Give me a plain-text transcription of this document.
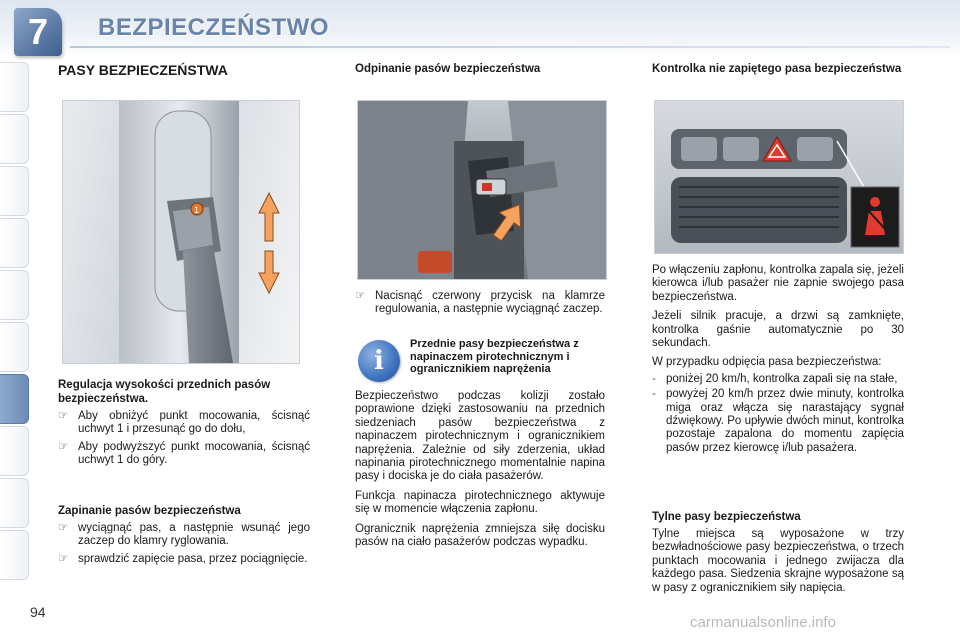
7	BEZPIECZEŃSTWO
PASY BEZPIECZEŃSTWA
1

Regulacja wysokości przednich pasów bezpieczeństwa.

☞ Aby obniżyć punkt mocowania, ścisnąć uchwyt 1 i przesunąć go do dołu,
☞ Aby podwyższyć punkt mocowania, ścisnąć uchwyt 1 do góry.

Zapinanie pasów bezpieczeństwa

☞ wyciągnąć pas, a następnie wsunąć jego zaczep do klamry ryglowania.
☞ sprawdzić zapięcie pasa, przez pociągnięcie.

Odpinanie pasów bezpieczeństwa

☞ Nacisnąć czerwony przycisk na klamrze regulowania, a następnie wyciągnąć zaczep.
i

Przednie pasy bezpieczeństwa z napinaczem pirotechnicznym i ogranicznikiem naprężenia

Bezpieczeństwo podczas kolizji zostało poprawione dzięki zastosowaniu na przednich siedzeniach pasów bezpieczeństwa z napinaczem pirotechnicznym i ogranicznikiem naprężenia. Zależnie od siły zderzenia, układ napinania pirotechnicznego momentalnie napina pasy i dociska je do ciała pasażerów.

Funkcja napinacza pirotechnicznego aktywuje się w momencie włączenia zapłonu.

Ogranicznik naprężenia zmniejsza siłę docisku pasów na ciało pasażerów podczas wypadku.

Kontrolka nie zapiętego pasa bezpieczeństwa

Po włączeniu zapłonu, kontrolka zapala się, jeżeli kierowca i/lub pasażer nie zapnie swojego pasa bezpieczeństwa.

Jeżeli silnik pracuje, a drzwi są zamknięte, kontrolka gaśnie automatycznie po 30 sekundach.

W przypadku odpięcia pasa bezpieczeństwa:

- poniżej 20 km/h, kontrolka zapali się na stałe,
- powyżej 20 km/h przez dwie minuty, kontrolka miga oraz włącza się narastający sygnał dźwiękowy. Po upływie dwóch minut, kontrolka pozostaje zapalona do momentu zapięcia pasów przez kierowcę i/lub pasażera.

Tylne pasy bezpieczeństwa

Tylne miejsca są wyposażone w trzy bezwładnościowe pasy bezpieczeństwa, o trzech punktach mocowania i jednego zwijacza dla każdego pasa. Siedzenia skrajne wyposażone są w pasy z ogranicznikiem siły napięcia.

94
carmanualsonline.info
